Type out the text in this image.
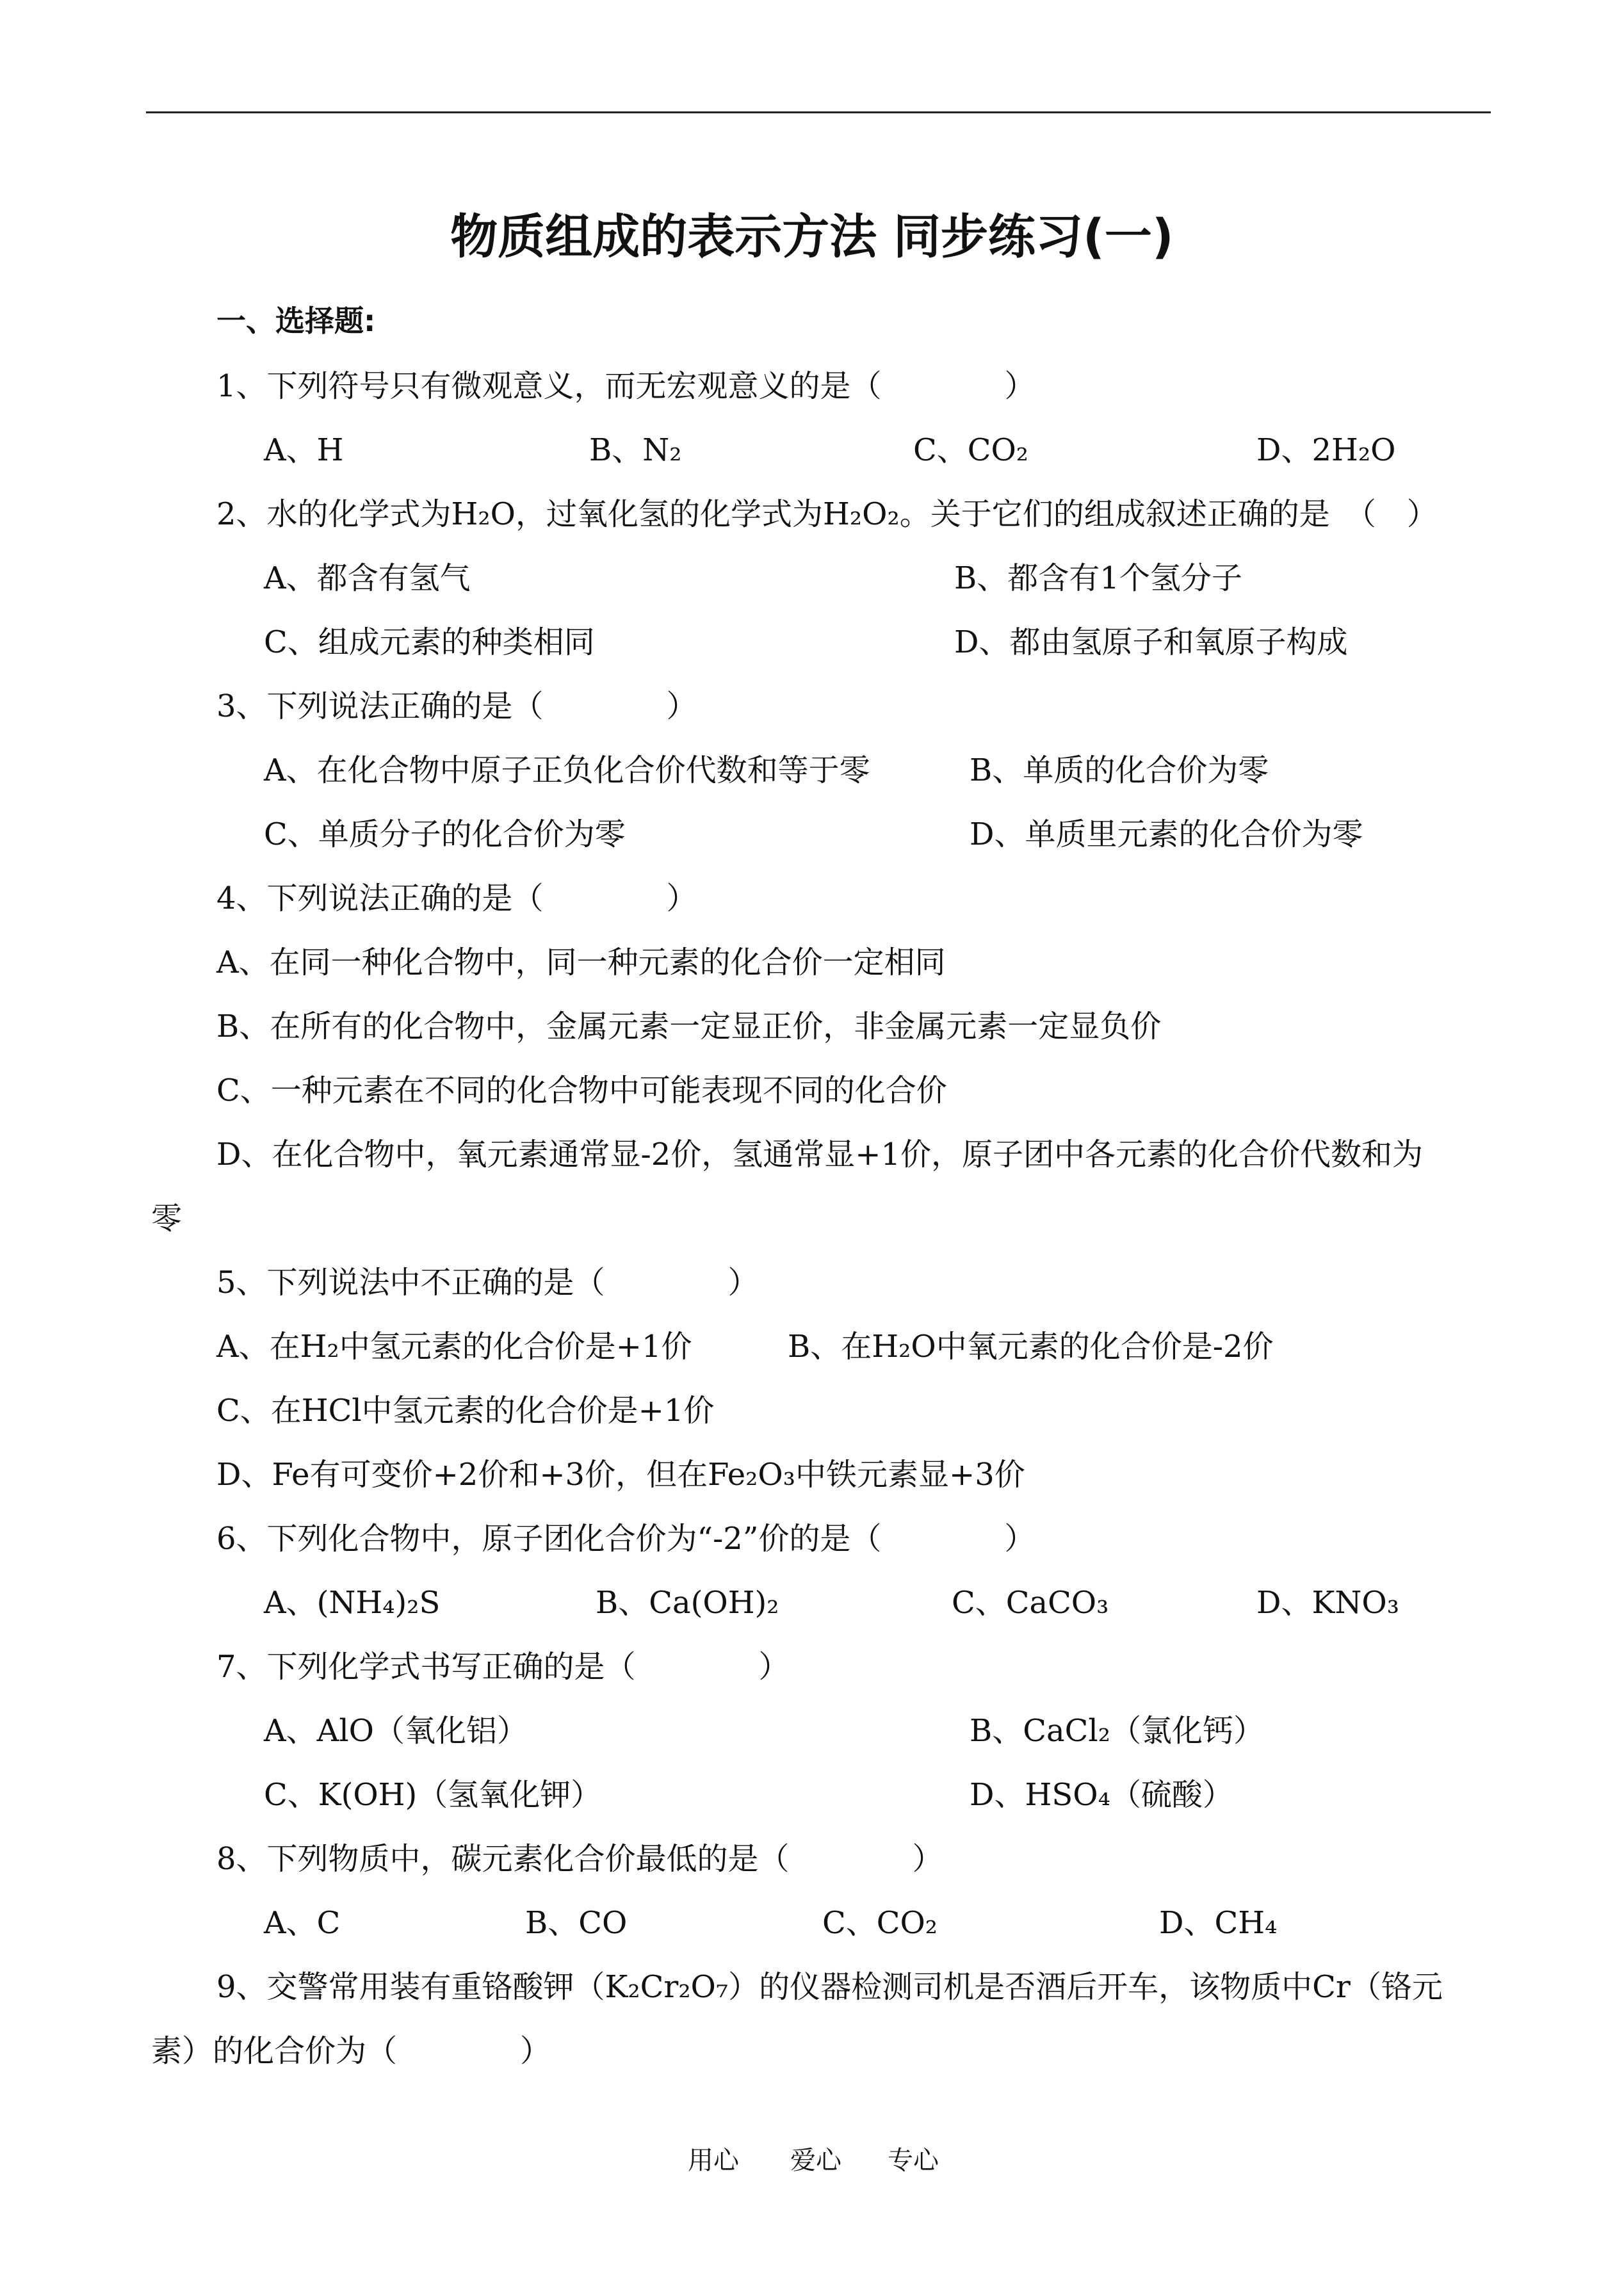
物质组成的表示方法 同步练习(一)
一、选择题:
1、下列符号只有微观意义，而无宏观意义的是（　　　　）
A、H	B、N₂	C、CO₂	D、2H₂O
2、水的化学式为H₂O，过氧化氢的化学式为H₂O₂。关于它们的组成叙述正确的是　（　）
A、都含有氢气	B、都含有1个氢分子
C、组成元素的种类相同	D、都由氢原子和氧原子构成
3、下列说法正确的是（　　　　）
A、在化合物中原子正负化合价代数和等于零	B、单质的化合价为零
C、单质分子的化合价为零	D、单质里元素的化合价为零
4、下列说法正确的是（　　　　）
A、在同一种化合物中，同一种元素的化合价一定相同
B、在所有的化合物中，金属元素一定显正价，非金属元素一定显负价
C、一种元素在不同的化合物中可能表现不同的化合价
D、在化合物中，氧元素通常显-2价，氢通常显+1价，原子团中各元素的化合价代数和为
零
5、下列说法中不正确的是（　　　　）
A、在H₂中氢元素的化合价是+1价	B、在H₂O中氧元素的化合价是-2价
C、在HCl中氢元素的化合价是+1价
D、Fe有可变价+2价和+3价，但在Fe₂O₃中铁元素显+3价
6、下列化合物中，原子团化合价为“-2”价的是（　　　　）
A、(NH₄)₂S	B、Ca(OH)₂	C、CaCO₃	D、KNO₃
7、下列化学式书写正确的是（　　　　）
A、AlO（氧化铝）	B、CaCl₂（氯化钙）
C、K(OH)（氢氧化钾）	D、HSO₄（硫酸）
8、下列物质中，碳元素化合价最低的是（　　　　）
A、C	B、CO	C、CO₂	D、CH₄
9、交警常用装有重铬酸钾（K₂Cr₂O₇）的仪器检测司机是否酒后开车，该物质中Cr（铬元
素）的化合价为（　　　　）
用心 爱心 专心
